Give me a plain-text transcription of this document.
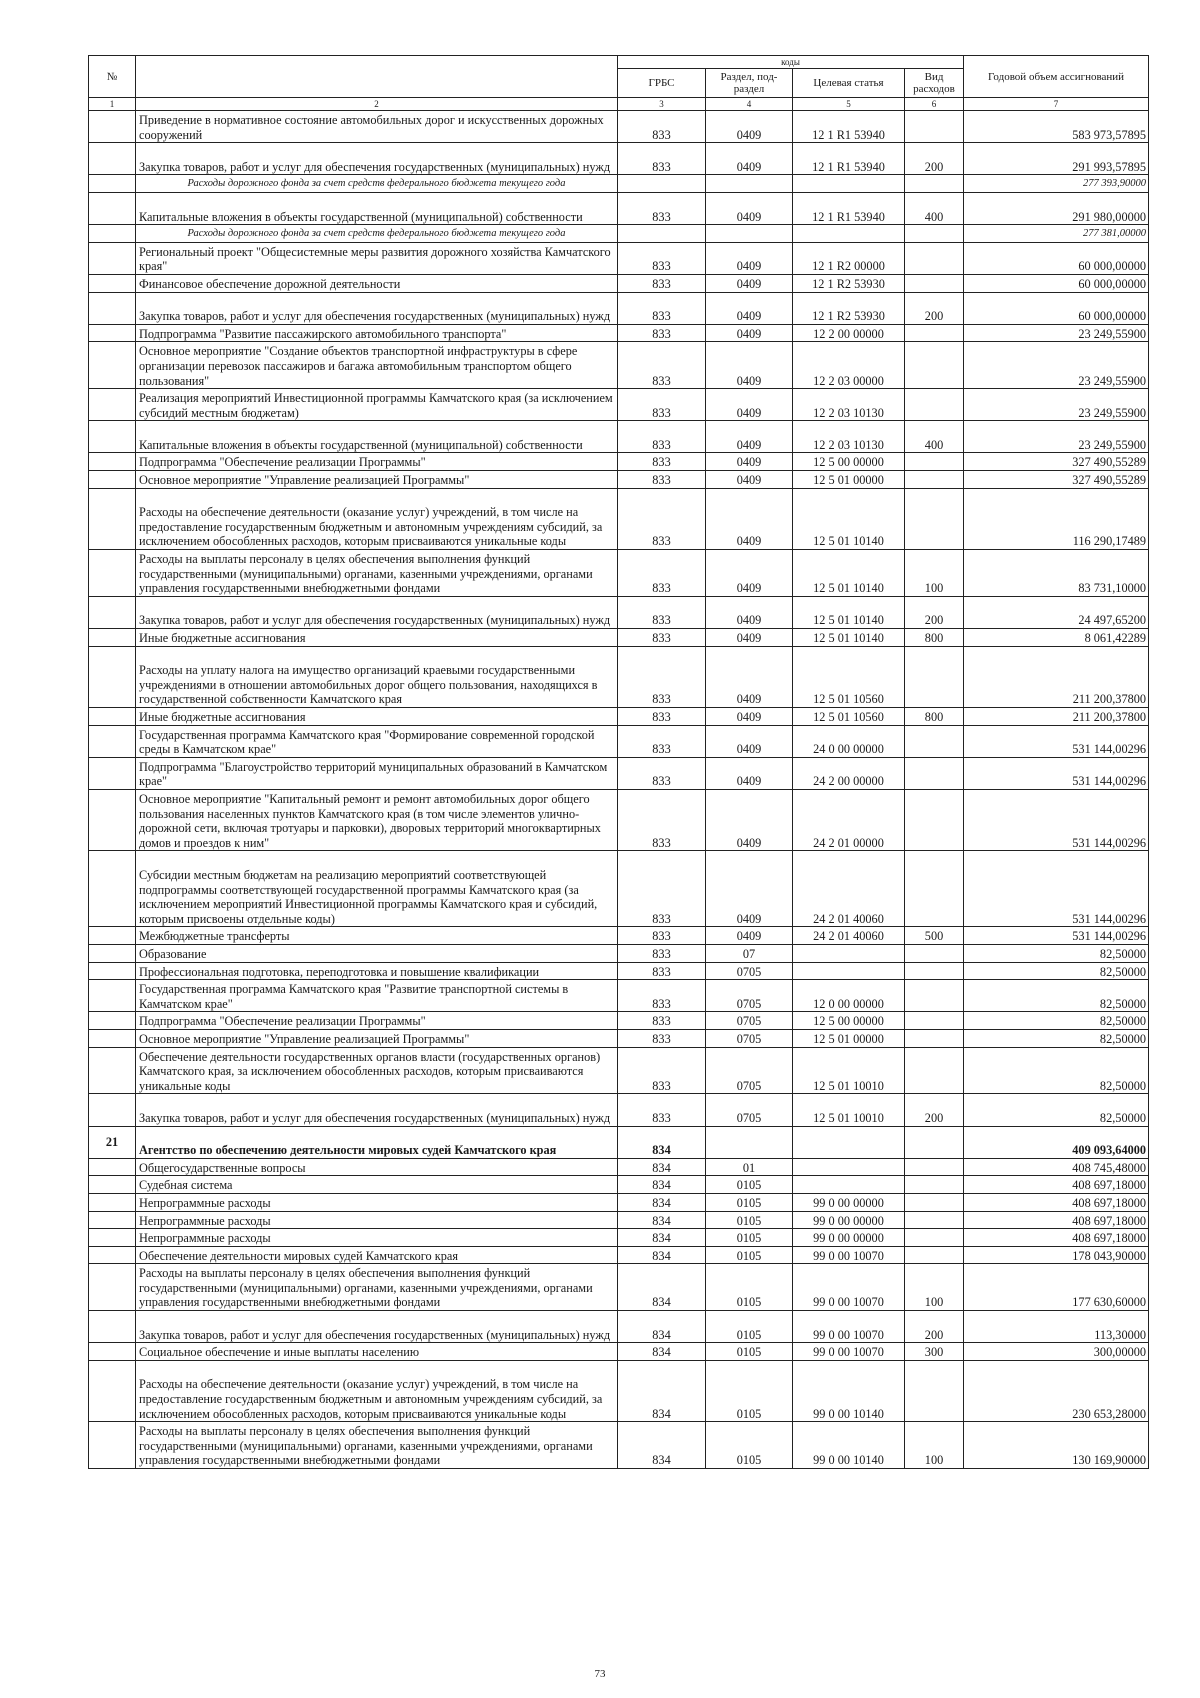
№		коды				Годовой объем ассигнований
		ГРБС	Раздел, под-раздел	Целевая статья	Вид расходов	
1	2	3	4	5	6	7
	Приведение в нормативное состояние автомобильных дорог и искусственных дорожных сооружений	833	0409	12 1 R1 53940		583 973,57895
	Закупка товаров, работ и услуг для обеспечения государственных (муниципальных) нужд	833	0409	12 1 R1 53940	200	291 993,57895
	Расходы дорожного фонда за счет средств федерального бюджета текущего года					277 393,90000
	Капитальные вложения в объекты государственной (муниципальной) собственности	833	0409	12 1 R1 53940	400	291 980,00000
	Расходы дорожного фонда за счет средств федерального бюджета текущего года					277 381,00000
	Региональный проект "Общесистемные меры развития дорожного хозяйства Камчатского края"	833	0409	12 1 R2 00000		60 000,00000
	Финансовое обеспечение дорожной деятельности	833	0409	12 1 R2 53930		60 000,00000
	Закупка товаров, работ и услуг для обеспечения государственных (муниципальных) нужд	833	0409	12 1 R2 53930	200	60 000,00000
	Подпрограмма "Развитие пассажирского автомобильного транспорта"	833	0409	12 2 00 00000		23 249,55900
	Основное мероприятие "Создание объектов транспортной инфраструктуры в сфере организации перевозок пассажиров и багажа автомобильным транспортом общего пользования"	833	0409	12 2 03 00000		23 249,55900
	Реализация мероприятий Инвестиционной программы Камчатского края (за исключением субсидий местным бюджетам)	833	0409	12 2 03 10130		23 249,55900
	Капитальные вложения в объекты государственной (муниципальной) собственности	833	0409	12 2 03 10130	400	23 249,55900
	Подпрограмма "Обеспечение реализации Программы"	833	0409	12 5 00 00000		327 490,55289
	Основное мероприятие "Управление реализацией Программы"	833	0409	12 5 01 00000		327 490,55289
	Расходы на обеспечение деятельности (оказание услуг) учреждений, в том числе на предоставление государственным бюджетным и автономным учреждениям субсидий, за исключением обособленных расходов, которым присваиваются уникальные коды	833	0409	12 5 01 10140		116 290,17489
	Расходы на выплаты персоналу в целях обеспечения выполнения функций государственными (муниципальными) органами, казенными учреждениями, органами управления государственными внебюджетными фондами	833	0409	12 5 01 10140	100	83 731,10000
	Закупка товаров, работ и услуг для обеспечения государственных (муниципальных) нужд	833	0409	12 5 01 10140	200	24 497,65200
	Иные бюджетные ассигнования	833	0409	12 5 01 10140	800	8 061,42289
	Расходы на уплату налога на имущество организаций краевыми государственными учреждениями в отношении автомобильных дорог общего пользования, находящихся в государственной собственности Камчатского края	833	0409	12 5 01 10560		211 200,37800
	Иные бюджетные ассигнования	833	0409	12 5 01 10560	800	211 200,37800
	Государственная программа Камчатского края "Формирование современной городской среды в Камчатском крае"	833	0409	24 0 00 00000		531 144,00296
	Подпрограмма "Благоустройство территорий муниципальных образований в Камчатском крае"	833	0409	24 2 00 00000		531 144,00296
	Основное мероприятие "Капитальный ремонт и ремонт автомобильных дорог общего пользования населенных пунктов Камчатского края (в том числе элементов улично-дорожной сети, включая тротуары и парковки), дворовых территорий многоквартирных домов и проездов к ним"	833	0409	24 2 01 00000		531 144,00296
	Субсидии местным бюджетам на реализацию мероприятий соответствующей подпрограммы соответствующей государственной программы Камчатского края (за исключением мероприятий Инвестиционной программы Камчатского края и субсидий, которым присвоены отдельные коды)	833	0409	24 2 01 40060		531 144,00296
	Межбюджетные трансферты	833	0409	24 2 01 40060	500	531 144,00296
	Образование	833	07			82,50000
	Профессиональная подготовка, переподготовка и повышение квалификации	833	0705			82,50000
	Государственная программа Камчатского края "Развитие транспортной системы в Камчатском крае"	833	0705	12 0 00 00000		82,50000
	Подпрограмма "Обеспечение реализации Программы"	833	0705	12 5 00 00000		82,50000
	Основное мероприятие "Управление реализацией Программы"	833	0705	12 5 01 00000		82,50000
	Обеспечение деятельности государственных органов власти (государственных органов) Камчатского края, за исключением обособленных расходов, которым присваиваются уникальные коды	833	0705	12 5 01 10010		82,50000
	Закупка товаров, работ и услуг для обеспечения государственных (муниципальных) нужд	833	0705	12 5 01 10010	200	82,50000
21	Агентство по обеспечению деятельности мировых судей Камчатского края	834				409 093,64000
	Общегосударственные вопросы	834	01			408 745,48000
	Судебная система	834	0105			408 697,18000
	Непрограммные расходы	834	0105	99 0 00 00000		408 697,18000
	Непрограммные расходы	834	0105	99 0 00 00000		408 697,18000
	Непрограммные расходы	834	0105	99 0 00 00000		408 697,18000
	Обеспечение деятельности мировых судей Камчатского края	834	0105	99 0 00 10070		178 043,90000
	Расходы на выплаты персоналу в целях обеспечения выполнения функций государственными (муниципальными) органами, казенными учреждениями, органами управления государственными внебюджетными фондами	834	0105	99 0 00 10070	100	177 630,60000
	Закупка товаров, работ и услуг для обеспечения государственных (муниципальных) нужд	834	0105	99 0 00 10070	200	113,30000
	Социальное обеспечение и иные выплаты населению	834	0105	99 0 00 10070	300	300,00000
	Расходы на обеспечение деятельности (оказание услуг) учреждений, в том числе на предоставление государственным бюджетным и автономным учреждениям субсидий, за исключением обособленных расходов, которым присваиваются уникальные коды	834	0105	99 0 00 10140		230 653,28000
	Расходы на выплаты персоналу в целях обеспечения выполнения функций государственными (муниципальными) органами, казенными учреждениями, органами управления государственными внебюджетными фондами	834	0105	99 0 00 10140	100	130 169,90000
73
